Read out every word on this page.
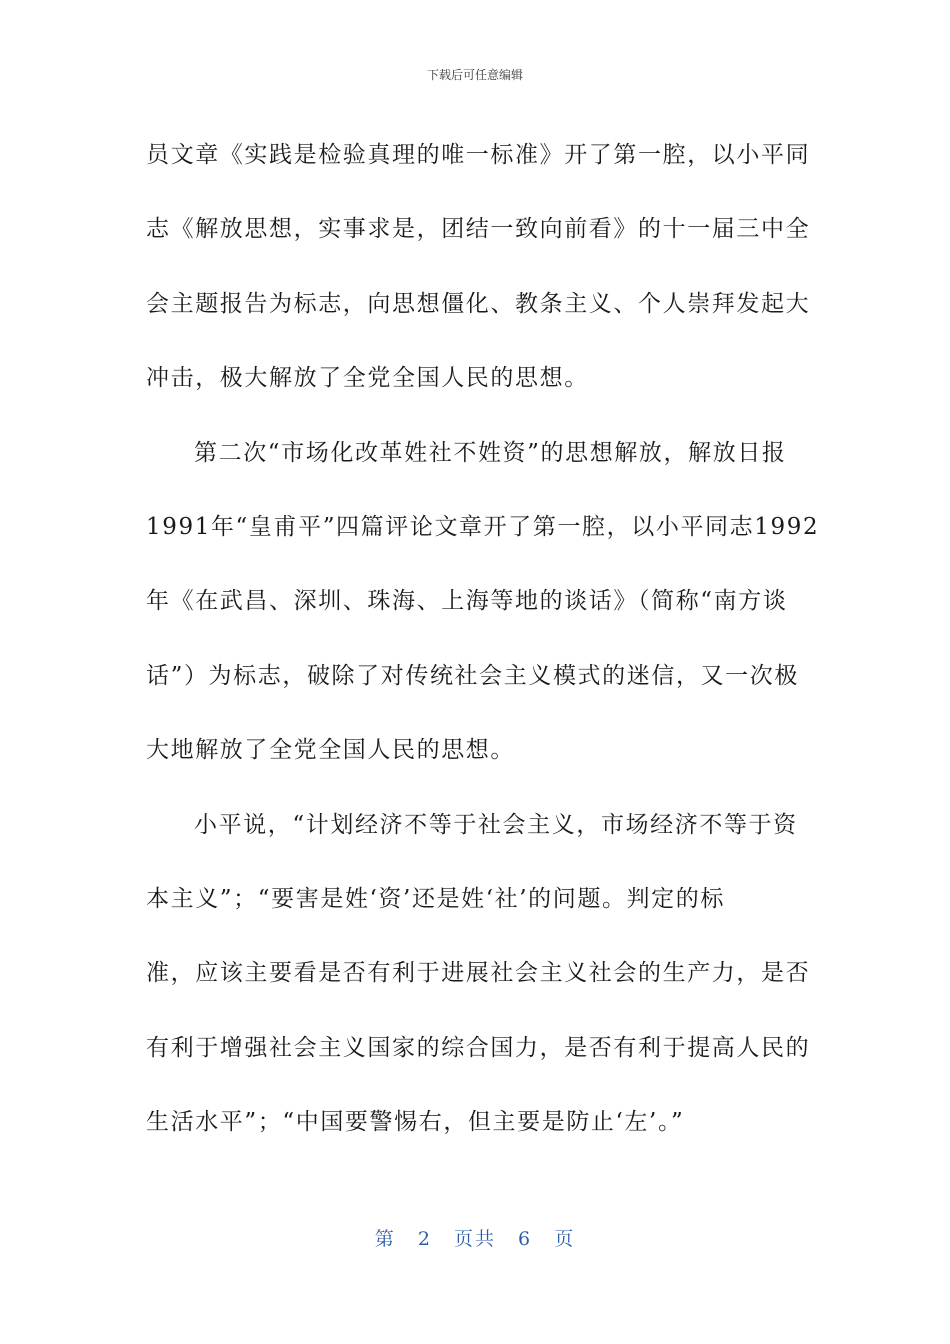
下载后可任意编辑
员文章《实践是检验真理的唯一标准》开了第一腔，以小平同
志《解放思想，实事求是，团结一致向前看》的十一届三中全
会主题报告为标志，向思想僵化、教条主义、个人崇拜发起大
冲击，极大解放了全党全国人民的思想。
第二次“市场化改革姓社不姓资”的思想解放，解放日报
1991年“皇甫平”四篇评论文章开了第一腔，以小平同志1992
年《在武昌、深圳、珠海、上海等地的谈话》（简称“南方谈
话”）为标志，破除了对传统社会主义模式的迷信，又一次极
大地解放了全党全国人民的思想。
小平说，“计划经济不等于社会主义，市场经济不等于资
本主义”；“要害是姓‘资’还是姓‘社’的问题。判定的标
准，应该主要看是否有利于进展社会主义社会的生产力，是否
有利于增强社会主义国家的综合国力，是否有利于提高人民的
生活水平”；“中国要警惕右，但主要是防止‘左’。”
第 2 页共 6 页
